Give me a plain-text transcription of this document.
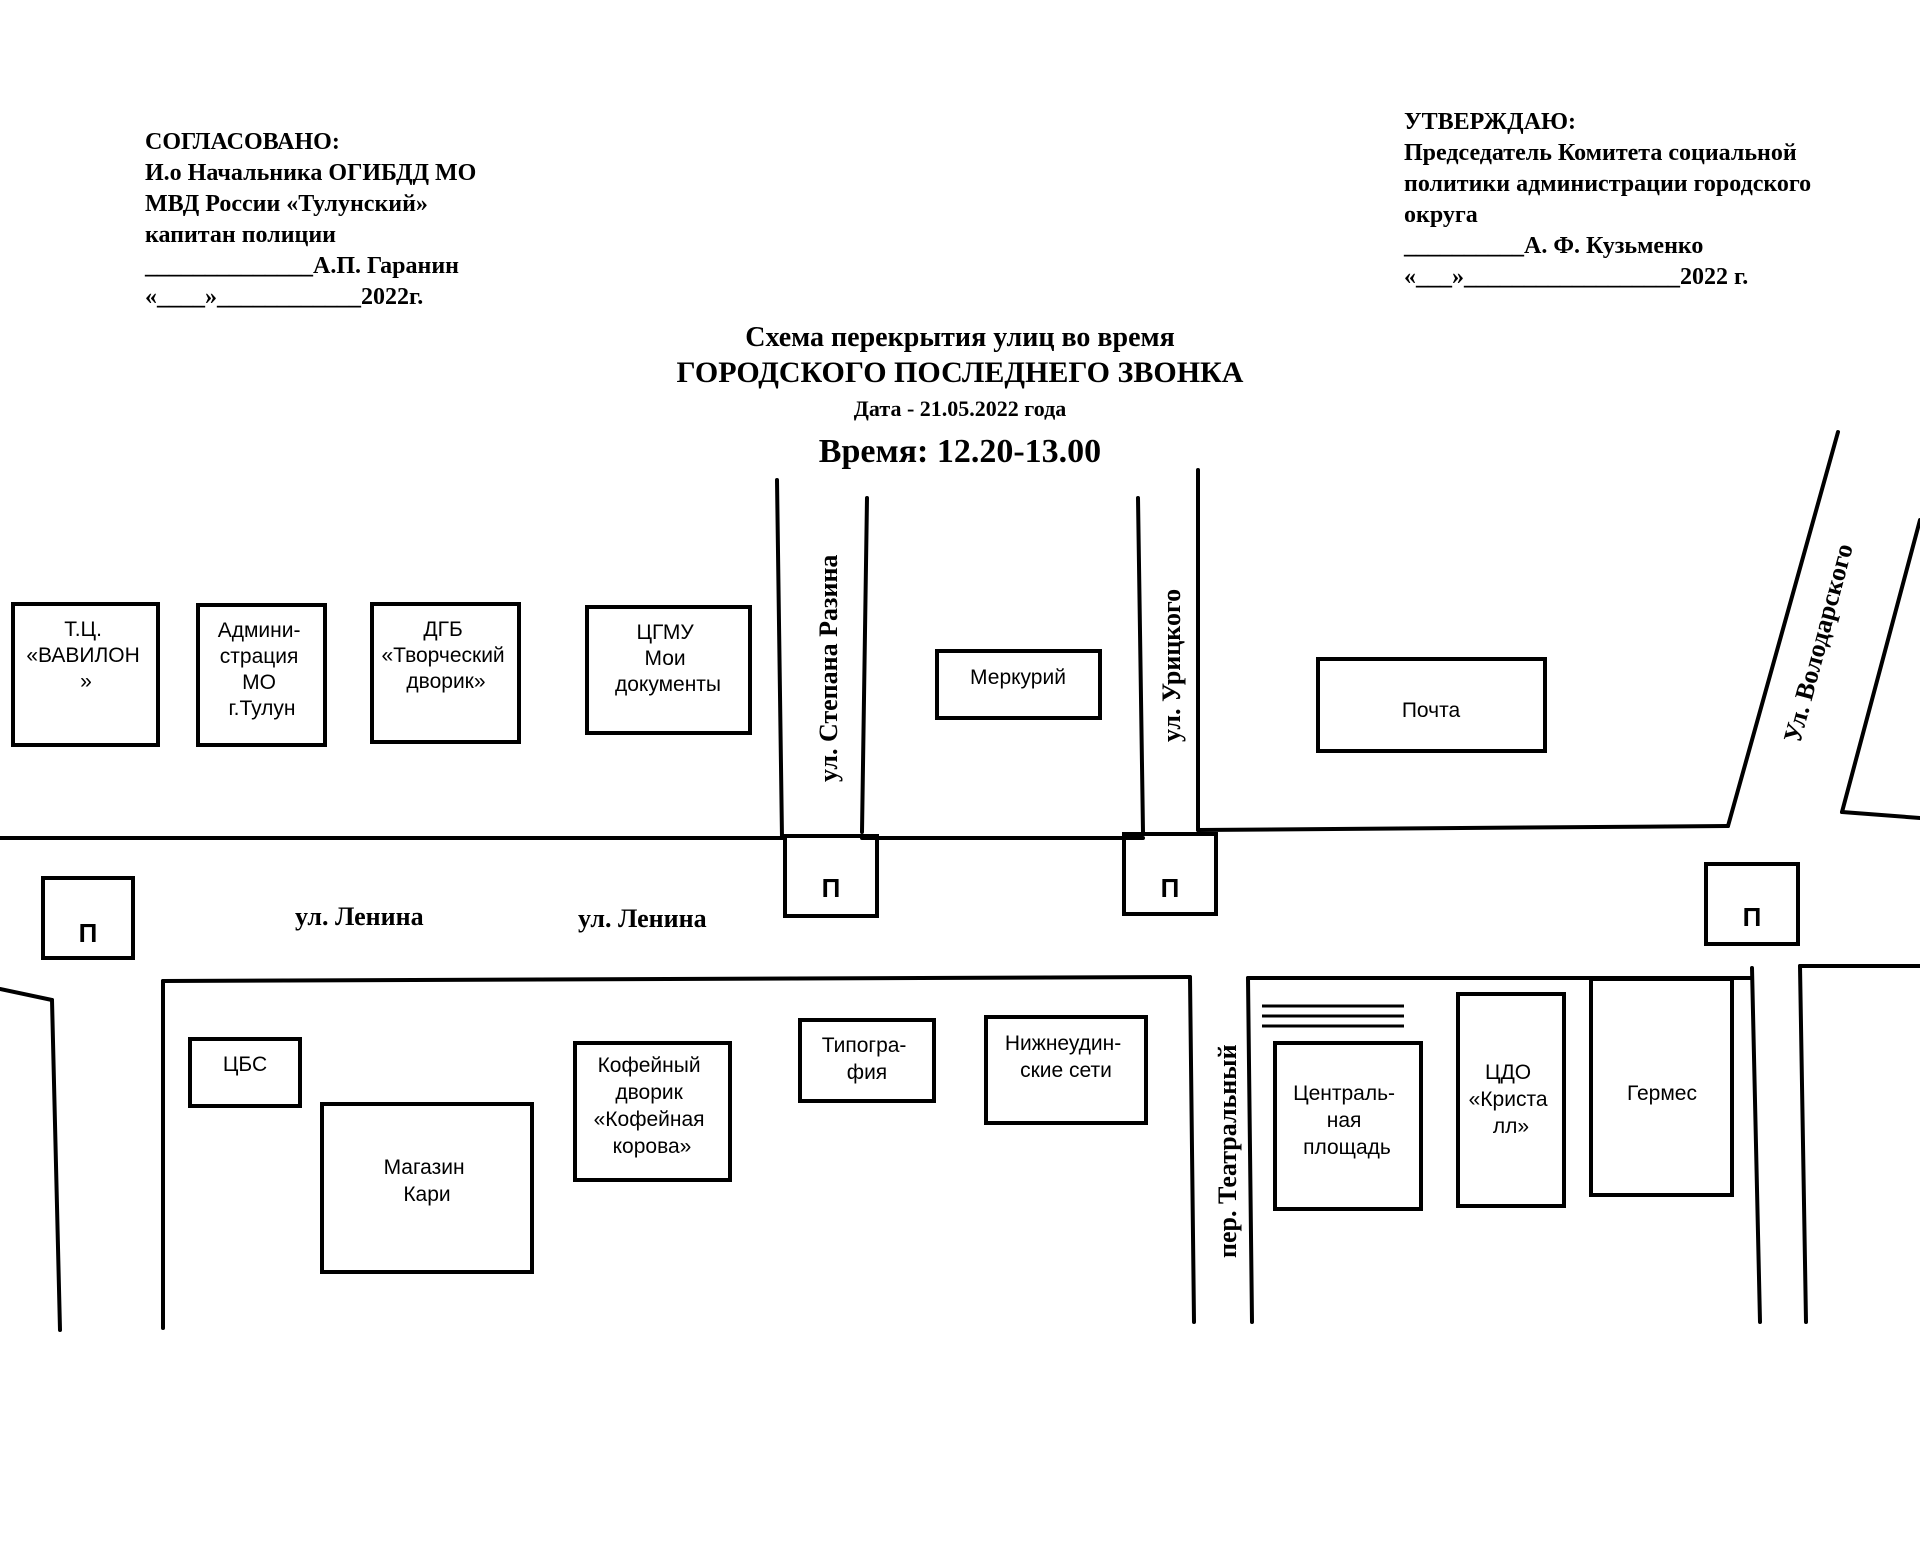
СОГЛАСОВАНО:
И.о Начальника ОГИБДД МО
МВД России «Тулунский»
капитан полиции
______________А.П. Гаранин
«____»____________2022г.
УТВЕРЖДАЮ:
Председатель Комитета социальной
политики администрации городского
округа
__________А. Ф. Кузьменко
«___»__________________2022 г.
Схема перекрытия улиц во время
ГОРОДСКОГО ПОСЛЕДНЕГО ЗВОНКА
Дата - 21.05.2022 года
Время: 12.20-13.00
ул. Ленина	ул. Ленина
ул. Степана Разина	ул. Урицкого	Ул. Володарского
пер. Театральный
П
П	П
П
Т.Ц. «ВАВИЛОН »
Админи- страция МО г.Тулун
ДГБ «Творческий дворик»
ЦГМУ Мои документы	Меркурий
Почта
ЦБС
Магазин Кари
Кофейный дворик «Кофейная корова»
Типогра- фия
Нижнеудин- ские сети
Централь- ная площадь
ЦДО «Криста лл»
Гермес
